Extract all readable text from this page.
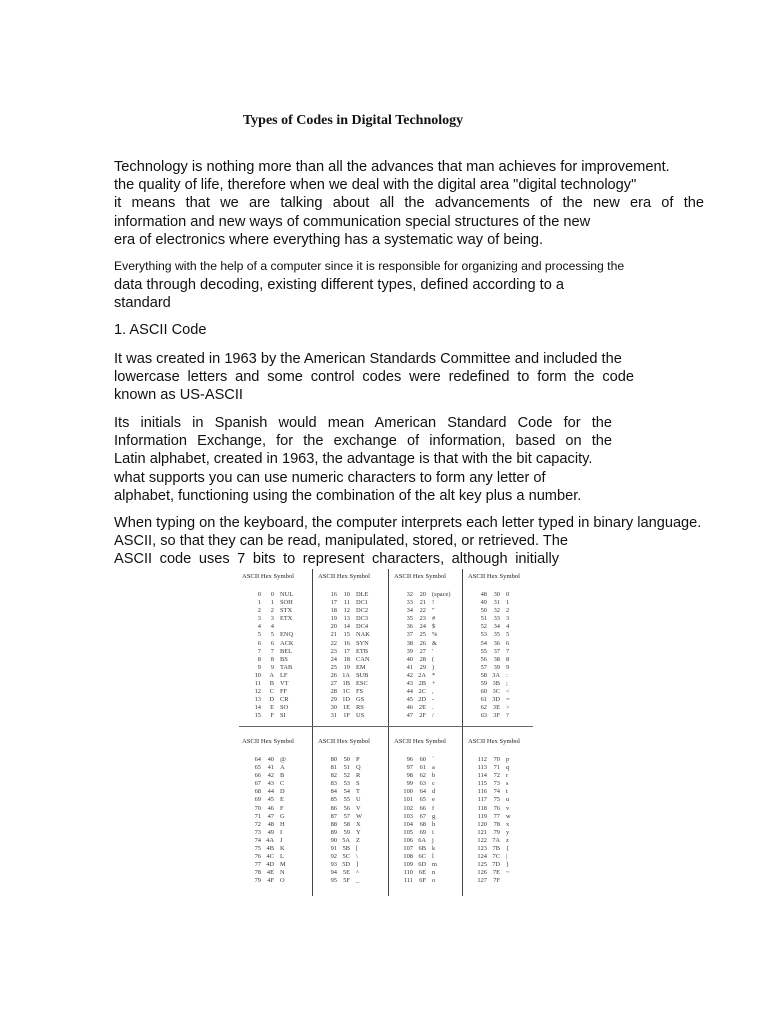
Types of Codes in Digital Technology
Technology is nothing more than all the advances that man achieves for improvement.
the quality of life, therefore when we deal with the digital area "digital technology"
it means that we are talking about all the advancements of the new era of the
information and new ways of communication special structures of the new
era of electronics where everything has a systematic way of being.
Everything with the help of a computer since it is responsible for organizing and processing the
data through decoding, existing different types, defined according to a
standard
1. ASCII Code
It was created in 1963 by the American Standards Committee and included the
lowercase letters and some control codes were redefined to form the code
known as US-ASCII
Its initials in Spanish would mean American Standard Code for the
Information Exchange, for the exchange of information, based on the
Latin alphabet, created in 1963, the advantage is that with the bit capacity.
what supports you can use numeric characters to form any letter of
alphabet, functioning using the combination of the alt key plus a number.
When typing on the keyboard, the computer interprets each letter typed in binary language.
ASCII, so that they can be read, manipulated, stored, or retrieved. The
ASCII code uses 7 bits to represent characters, although initially
ASCII Hex Symbol
0
1
2
3
4
5
6
7
8
9
10
11
12
13
14
15
0
1
2
3
4
5
6
7
8
9
A
B
C
D
E
F
NUL
SOH
STX
ETX
ENQ
ACK
BEL
BS
TAB
LF
VT
FF
CR
SO
SI
ASCII Hex Symbol
16
17
18
19
20
21
22
23
24
25
26
27
28
29
30
31
10
11
12
13
14
15
16
17
18
19
1A
1B
1C
1D
1E
1F
DLE
DC1
DC2
DC3
DC4
NAK
SYN
ETB
CAN
EM
SUB
ESC
FS
GS
RS
US
ASCII Hex Symbol
32
33
34
35
36
37
38
39
40
41
42
43
44
45
46
47
20
21
22
23
24
25
26
27
28
29
2A
2B
2C
2D
2E
2F
(space)
!
"
#
$
%
&
'
(
)
*
+
,
-
.
/
ASCII Hex Symbol
48
49
50
51
52
53
54
55
56
57
58
59
60
61
62
63
30
31
32
33
34
35
36
37
38
39
3A
3B
3C
3D
3E
3F
0
1
2
3
4
5
6
7
8
9
:
;
<
=
>
?
ASCII Hex Symbol
64
65
66
67
68
69
70
71
72
73
74
75
76
77
78
79
40
41
42
43
44
45
46
47
48
49
4A
4B
4C
4D
4E
4F
@
A
B
C
D
E
F
G
H
I
J
K
L
M
N
O
ASCII Hex Symbol
80
81
82
83
84
85
86
87
88
89
90
91
92
93
94
95
50
51
52
53
54
55
56
57
58
59
5A
5B
5C
5D
5E
5F
P
Q
R
S
T
U
V
W
X
Y
Z
[
\
]
^
_
ASCII Hex Symbol
96
97
98
99
100
101
102
103
104
105
106
107
108
109
110
111
60
61
62
63
64
65
66
67
68
69
6A
6B
6C
6D
6E
6F
`
a
b
c
d
e
f
g
h
i
j
k
l
m
n
o
ASCII Hex Symbol
112
113
114
115
116
117
118
119
120
121
122
123
124
125
126
127
70
71
72
73
74
75
76
77
78
79
7A
7B
7C
7D
7E
7F
p
q
r
s
t
u
v
w
x
y
z
{
|
}
~
